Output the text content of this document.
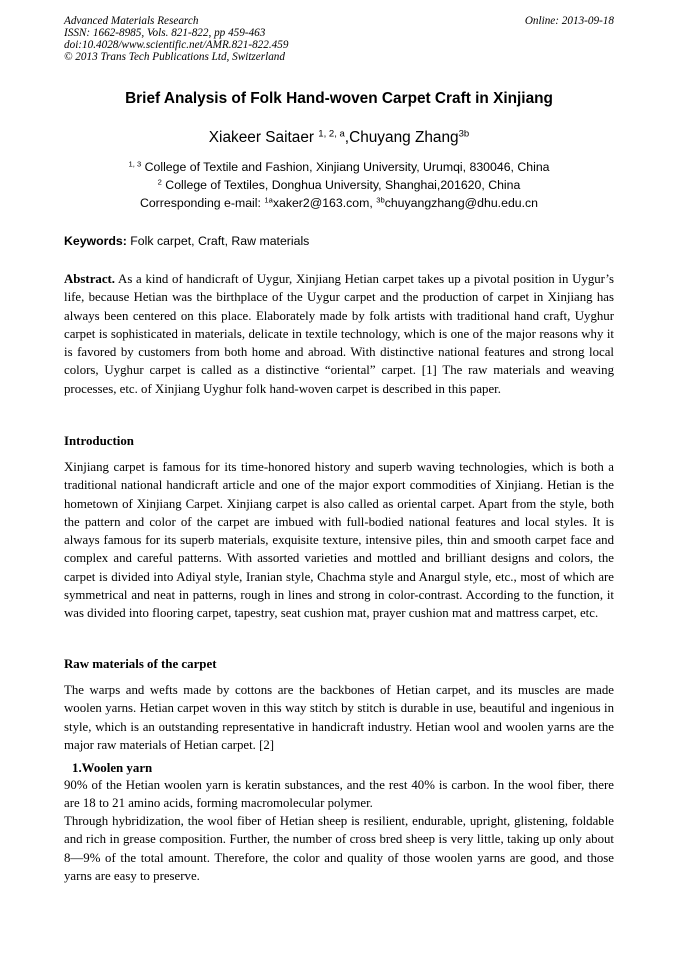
Advanced Materials Research
ISSN: 1662-8985, Vols. 821-822, pp 459-463
doi:10.4028/www.scientific.net/AMR.821-822.459
© 2013 Trans Tech Publications Ltd, Switzerland
Online: 2013-09-18
Brief Analysis of Folk Hand-woven Carpet Craft in Xinjiang
Xiakeer Saitaer $^{1, 2, a}$,Chuyang Zhang$^{3b}$
$^{1, 3}$ College of Textile and Fashion, Xinjiang University, Urumqi, 830046, China
$^2$ College of Textiles, Donghua University, Shanghai,201620, China
Corresponding e-mail: $^{1a}$xaker2@163.com, $^{3b}$chuyangzhang@dhu.edu.cn
Keywords: Folk carpet, Craft, Raw materials

Abstract. As a kind of handicraft of Uygur, Xinjiang Hetian carpet takes up a pivotal position in Uygur’s life, because Hetian was the birthplace of the Uygur carpet and the production of carpet in Xinjiang has always been centered on this place. Elaborately made by folk artists with traditional hand craft, Uyghur carpet is sophisticated in materials, delicate in textile technology, which is one of the major reasons why it is favored by customers from both home and abroad. With distinctive national features and strong local colors, Uyghur carpet is called as a distinctive “oriental” carpet. [1] The raw materials and weaving processes, etc. of Xinjiang Uyghur folk hand-woven carpet is described in this paper.

Introduction

Xinjiang carpet is famous for its time-honored history and superb waving technologies, which is both a traditional national handicraft article and one of the major export commodities of Xinjiang. Hetian is the hometown of Xinjiang Carpet. Xinjiang carpet is also called as oriental carpet. Apart from the style, both the pattern and color of the carpet are imbued with full-bodied national features and local styles. It is always famous for its superb materials, exquisite texture, intensive piles, thin and smooth carpet face and complex and careful patterns. With assorted varieties and mottled and brilliant designs and colors, the carpet is divided into Adiyal style, Iranian style, Chachma style and Anargul style, etc., most of which are symmetrical and neat in patterns, rough in lines and strong in color-contrast. According to the function, it was divided into flooring carpet, tapestry, seat cushion mat, prayer cushion mat and mattress carpet, etc.

Raw materials of the carpet

The warps and wefts made by cottons are the backbones of Hetian carpet, and its muscles are made woolen yarns. Hetian carpet woven in this way stitch by stitch is durable in use, beautiful and ingenious in style, which is an outstanding representative in handicraft industry. Hetian wool and woolen yarns are the major raw materials of Hetian carpet. [2]

1.Woolen yarn

90% of the Hetian woolen yarn is keratin substances, and the rest 40% is carbon. In the wool fiber, there are 18 to 21 amino acids, forming macromolecular polymer.

Through hybridization, the wool fiber of Hetian sheep is resilient, endurable, upright, glistening, foldable and rich in grease composition. Further, the number of cross bred sheep is very little, taking up only about 8—9% of the total amount. Therefore, the color and quality of those woolen yarns are good, and those yarns are easy to preserve.
